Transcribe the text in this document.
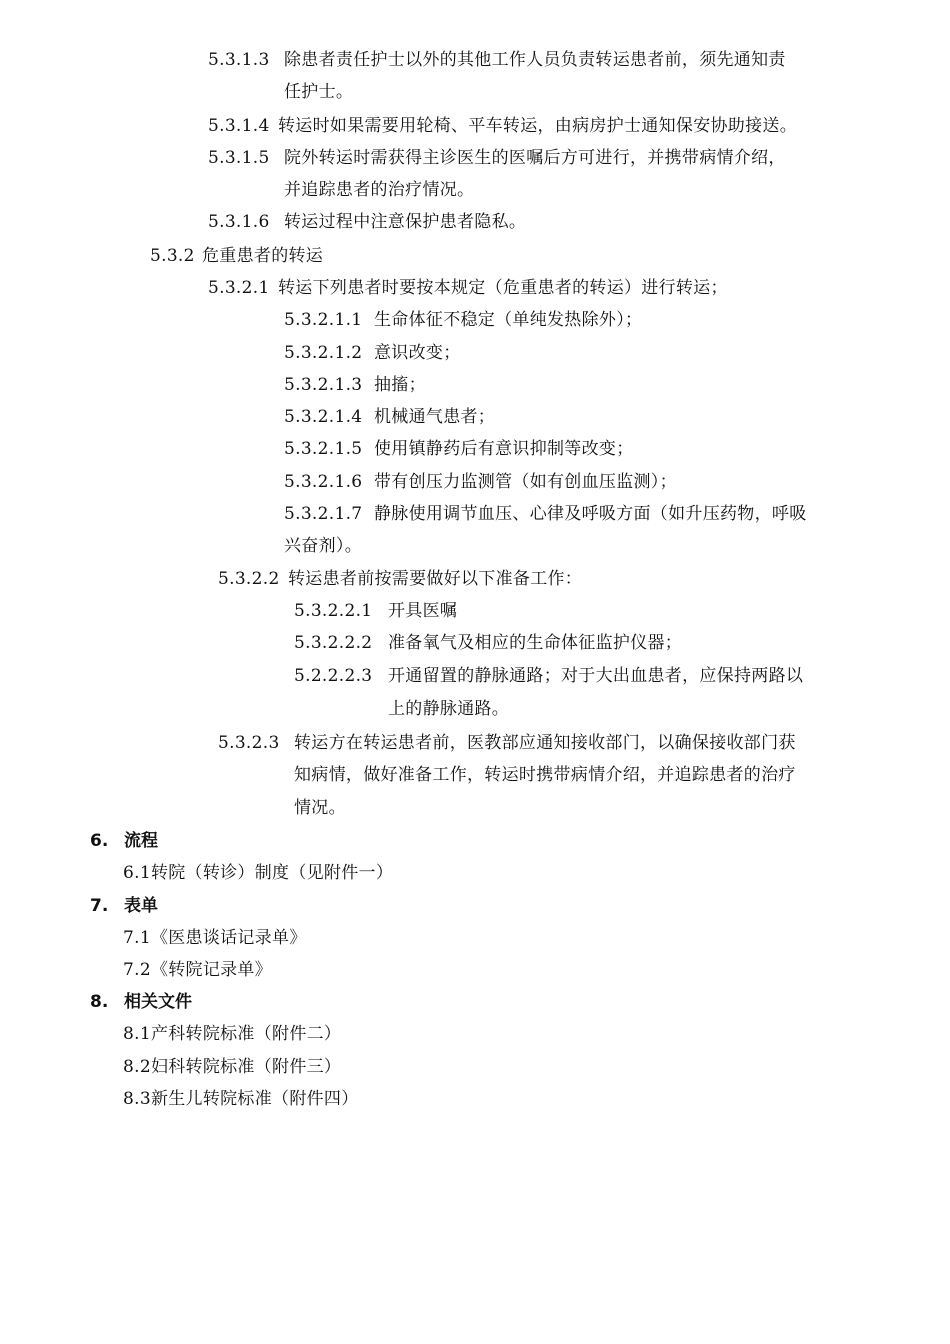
5.3.1.3 除患者责任护士以外的其他工作人员负责转运患者前，须先通知责
任护士。
5.3.1.4 转运时如果需要用轮椅、平车转运，由病房护士通知保安协助接送。
5.3.1.5 院外转运时需获得主诊医生的医嘱后方可进行，并携带病情介绍，
并追踪患者的治疗情况。
5.3.1.6 转运过程中注意保护患者隐私。
5.3.2 危重患者的转运
5.3.2.1 转运下列患者时要按本规定（危重患者的转运）进行转运；
5.3.2.1.1 生命体征不稳定（单纯发热除外）；
5.3.2.1.2 意识改变；
5.3.2.1.3 抽搐；
5.3.2.1.4 机械通气患者；
5.3.2.1.5 使用镇静药后有意识抑制等改变；
5.3.2.1.6 带有创压力监测管（如有创血压监测）；
5.3.2.1.7 静脉使用调节血压、心律及呼吸方面（如升压药物，呼吸
兴奋剂）。
5.3.2.2 转运患者前按需要做好以下准备工作：
5.3.2.2.1 开具医嘱
5.3.2.2.2 准备氧气及相应的生命体征监护仪器；
5.2.2.2.3 开通留置的静脉通路；对于大出血患者，应保持两路以
上的静脉通路。
5.3.2.3 转运方在转运患者前，医教部应通知接收部门，以确保接收部门获
知病情，做好准备工作，转运时携带病情介绍，并追踪患者的治疗
情况。
6. 流程
6.1转院（转诊）制度（见附件一）
7. 表单
7.1《医患谈话记录单》
7.2《转院记录单》
8. 相关文件
8.1产科转院标准（附件二）
8.2妇科转院标准（附件三）
8.3新生儿转院标准（附件四）
